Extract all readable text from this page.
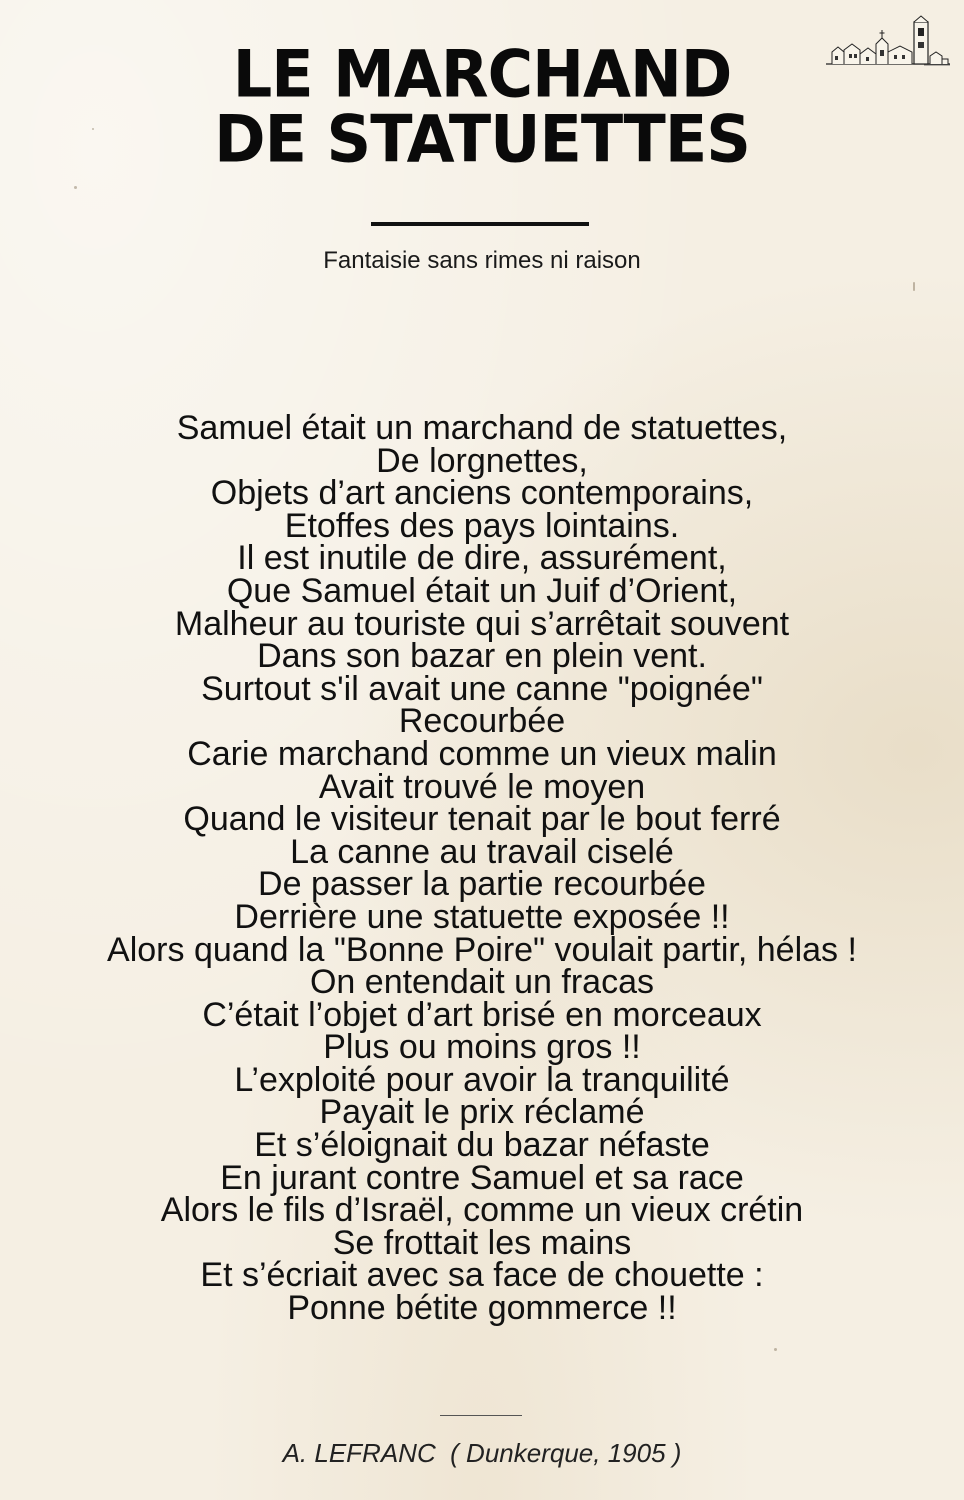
LE MARCHAND
DE STATUETTES
Fantaisie sans rimes ni raison
Samuel était un marchand de statuettes,
De lorgnettes,
Objets d’art anciens contemporains,
Etoffes des pays lointains.
Il est inutile de dire, assurément,
Que Samuel était un Juif d’Orient,
Malheur au touriste qui s’arrêtait souvent
Dans son bazar en plein vent.
Surtout s'il avait une canne "poignée"
Recourbée
Carie marchand comme un vieux malin
Avait trouvé le moyen
Quand le visiteur tenait par le bout ferré
La canne au travail ciselé
De passer la partie recourbée
Derrière une statuette exposée !!
Alors quand la "Bonne Poire" voulait partir, hélas !
On entendait un fracas
C’était l’objet d’art brisé en morceaux
Plus ou moins gros !!
L’exploité pour avoir la tranquilité
Payait le prix réclamé
Et s’éloignait du bazar néfaste
En jurant contre Samuel et sa race
Alors le fils d’Israël, comme un vieux crétin
Se frottait les mains
Et s’écriait avec sa face de chouette :
Ponne bétite gommerce !!
A. LEFRANC  ( Dunkerque, 1905 )
